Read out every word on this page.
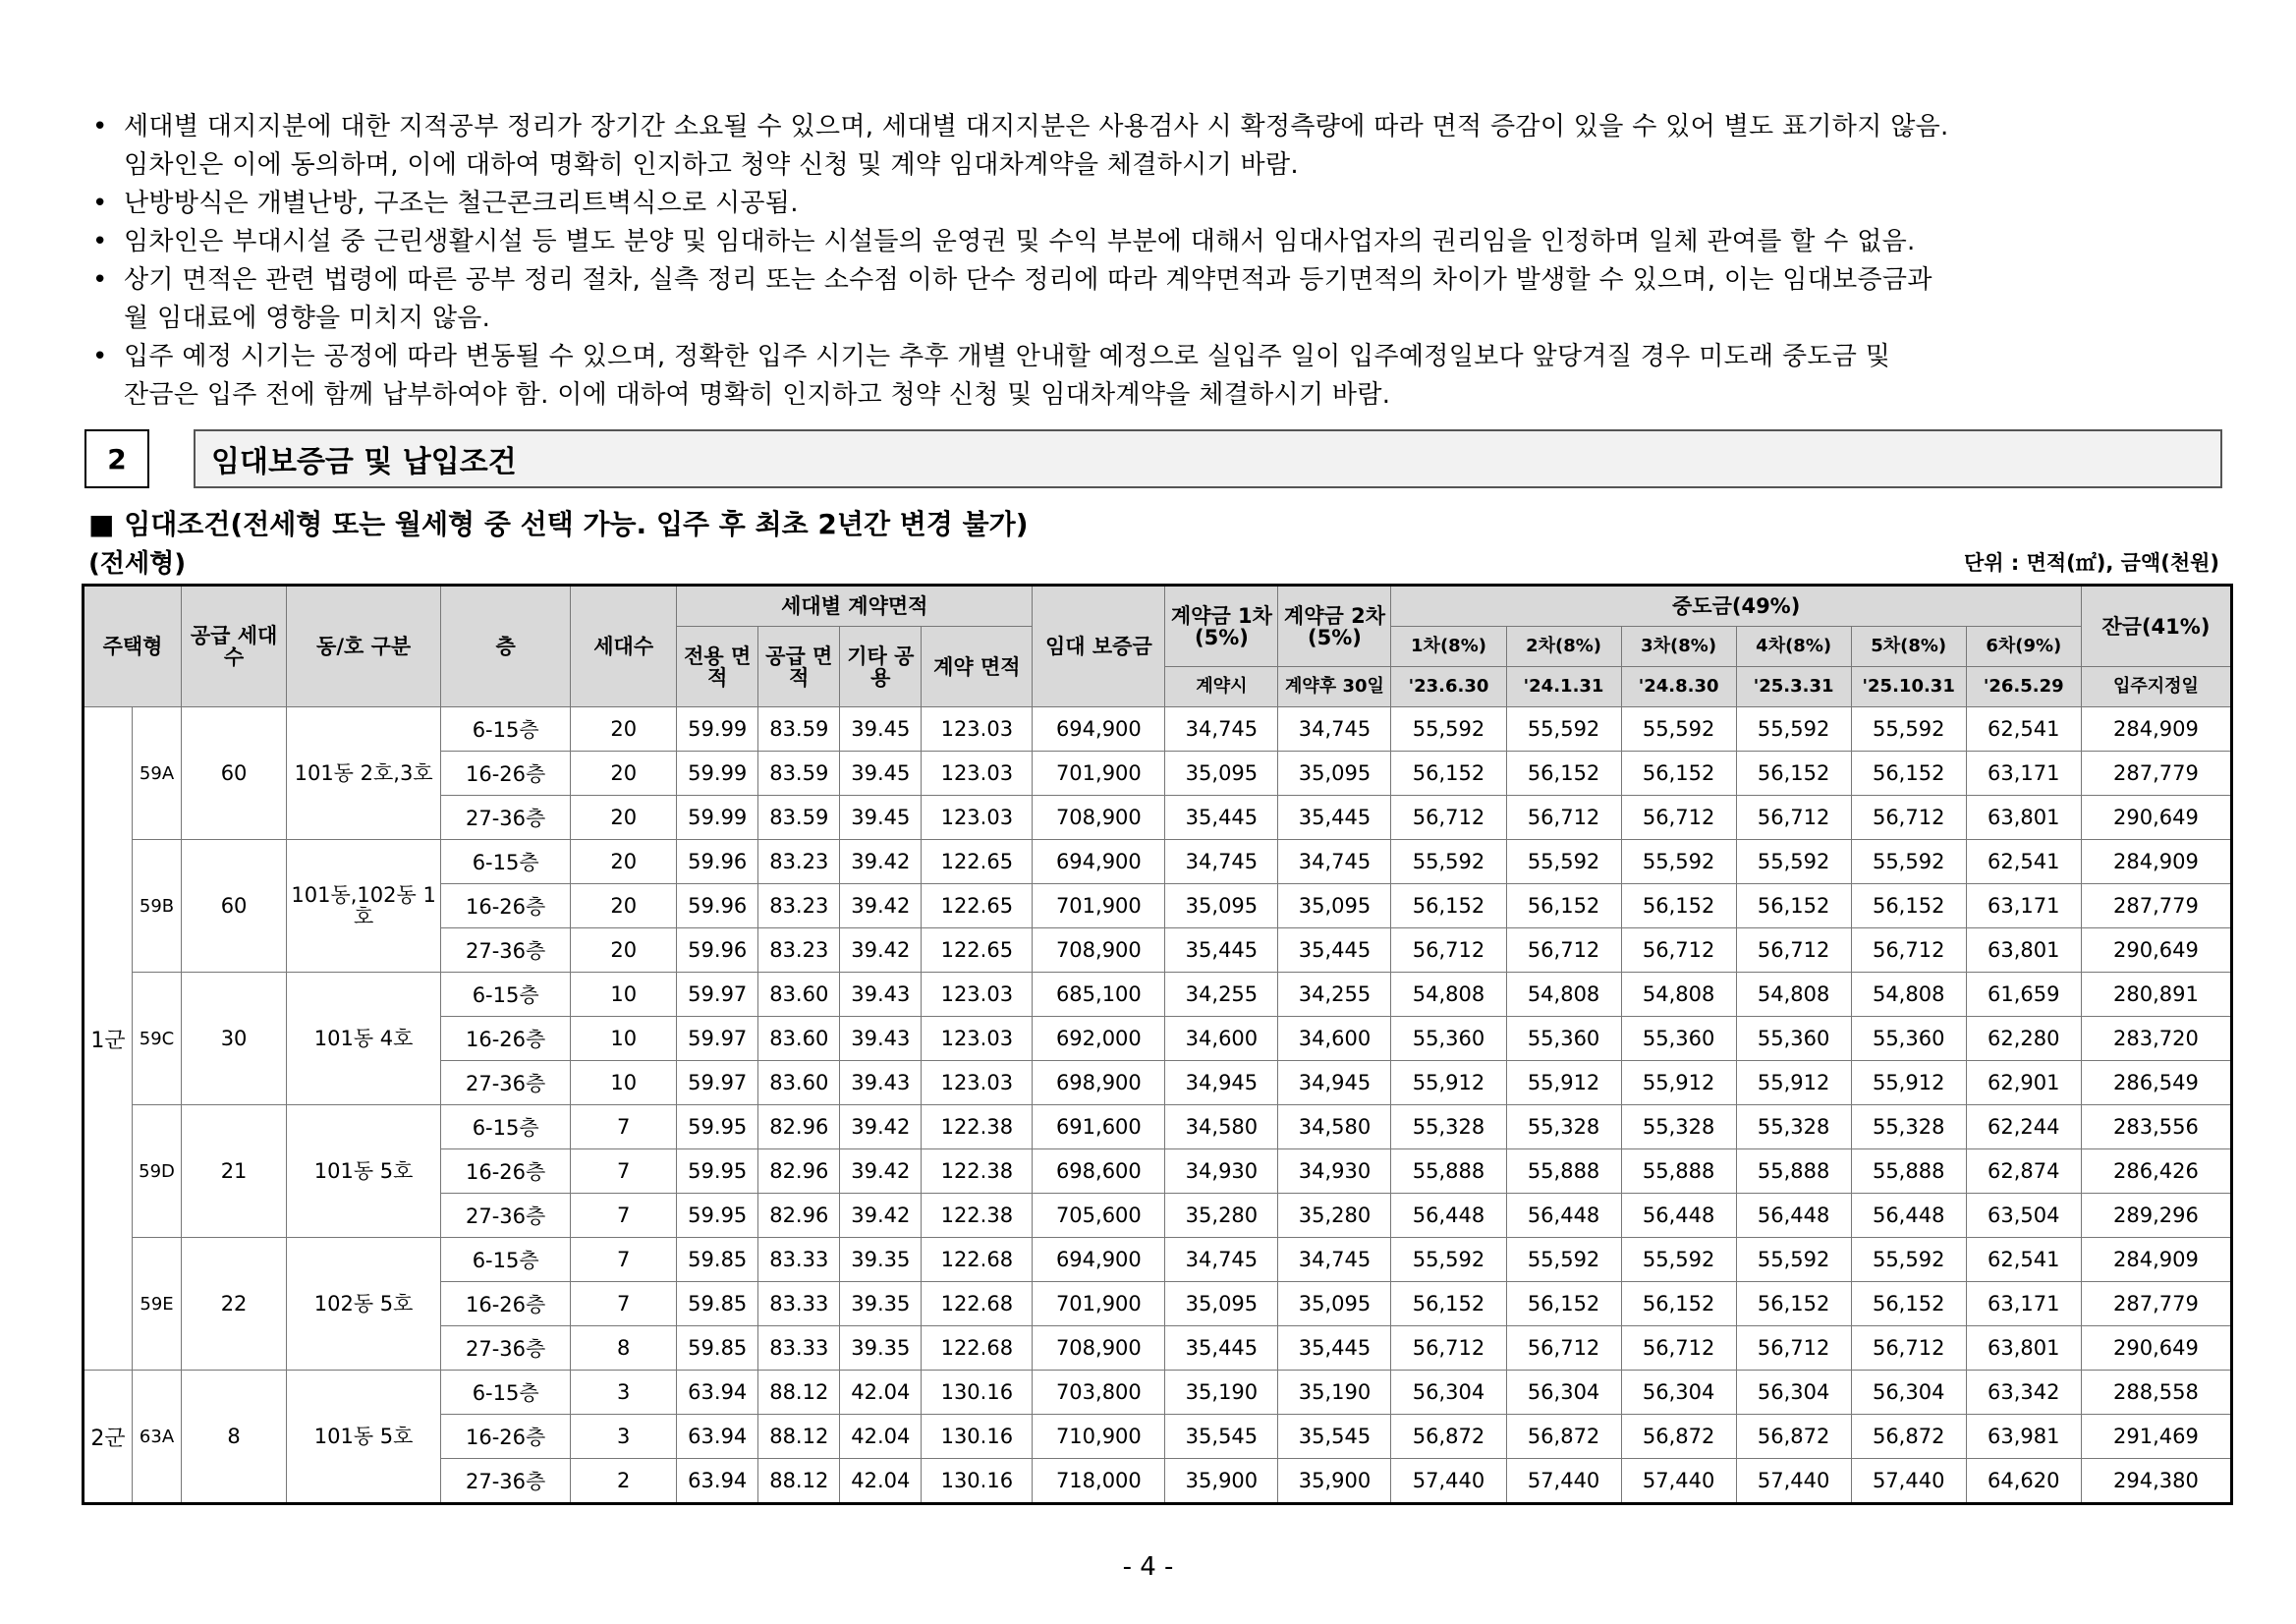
• 세대별 대지지분에 대한 지적공부 정리가 장기간 소요될 수 있으며, 세대별 대지지분은 사용검사 시 확정측량에 따라 면적 증감이 있을 수 있어 별도 표기하지 않음.
임차인은 이에 동의하며, 이에 대하여 명확히 인지하고 청약 신청 및 계약 임대차계약을 체결하시기 바람.
• 난방방식은 개별난방, 구조는 철근콘크리트벽식으로 시공됨.
• 임차인은 부대시설 중 근린생활시설 등 별도 분양 및 임대하는 시설들의 운영권 및 수익 부분에 대해서 임대사업자의 권리임을 인정하며 일체 관여를 할 수 없음.
• 상기 면적은 관련 법령에 따른 공부 정리 절차, 실측 정리 또는 소수점 이하 단수 정리에 따라 계약면적과 등기면적의 차이가 발생할 수 있으며, 이는 임대보증금과
월 임대료에 영향을 미치지 않음.
• 입주 예정 시기는 공정에 따라 변동될 수 있으며, 정확한 입주 시기는 추후 개별 안내할 예정으로 실입주 일이 입주예정일보다 앞당겨질 경우 미도래 중도금 및
잔금은 입주 전에 함께 납부하여야 함. 이에 대하여 명확히 인지하고 청약 신청 및 임대차계약을 체결하시기 바람.
2	임대보증금 및 납입조건
■ 임대조건(전세형 또는 월세형 중 선택 가능. 입주 후 최초 2년간 변경 불가)
(전세형)	단위 : 면적(㎡), 금액(천원)
주택형		공급 세대수	동/호 구분	층	세대수	세대별 계약면적				임대 보증금	계약금 1차(5%)	계약금 2차(5%)	중도금(49%)						잔금(41%)
						전용 면적	공급 면적	기타 공용	계약 면적				1차(8%)	2차(8%)	3차(8%)	4차(8%)	5차(8%)	6차(9%)	
											계약시	계약후 30일	'23.6.30	'24.1.31	'24.8.30	'25.3.31	'25.10.31	'26.5.29	입주지정일
1군	59A	60	101동 2호,3호	6-15층	20	59.99	83.59	39.45	123.03	694,900	34,745	34,745	55,592	55,592	55,592	55,592	55,592	62,541	284,909
				16-26층	20	59.99	83.59	39.45	123.03	701,900	35,095	35,095	56,152	56,152	56,152	56,152	56,152	63,171	287,779
				27-36층	20	59.99	83.59	39.45	123.03	708,900	35,445	35,445	56,712	56,712	56,712	56,712	56,712	63,801	290,649
	59B	60	101동,102동 1호	6-15층	20	59.96	83.23	39.42	122.65	694,900	34,745	34,745	55,592	55,592	55,592	55,592	55,592	62,541	284,909
				16-26층	20	59.96	83.23	39.42	122.65	701,900	35,095	35,095	56,152	56,152	56,152	56,152	56,152	63,171	287,779
				27-36층	20	59.96	83.23	39.42	122.65	708,900	35,445	35,445	56,712	56,712	56,712	56,712	56,712	63,801	290,649
	59C	30	101동 4호	6-15층	10	59.97	83.60	39.43	123.03	685,100	34,255	34,255	54,808	54,808	54,808	54,808	54,808	61,659	280,891
				16-26층	10	59.97	83.60	39.43	123.03	692,000	34,600	34,600	55,360	55,360	55,360	55,360	55,360	62,280	283,720
				27-36층	10	59.97	83.60	39.43	123.03	698,900	34,945	34,945	55,912	55,912	55,912	55,912	55,912	62,901	286,549
	59D	21	101동 5호	6-15층	7	59.95	82.96	39.42	122.38	691,600	34,580	34,580	55,328	55,328	55,328	55,328	55,328	62,244	283,556
				16-26층	7	59.95	82.96	39.42	122.38	698,600	34,930	34,930	55,888	55,888	55,888	55,888	55,888	62,874	286,426
				27-36층	7	59.95	82.96	39.42	122.38	705,600	35,280	35,280	56,448	56,448	56,448	56,448	56,448	63,504	289,296
	59E	22	102동 5호	6-15층	7	59.85	83.33	39.35	122.68	694,900	34,745	34,745	55,592	55,592	55,592	55,592	55,592	62,541	284,909
				16-26층	7	59.85	83.33	39.35	122.68	701,900	35,095	35,095	56,152	56,152	56,152	56,152	56,152	63,171	287,779
				27-36층	8	59.85	83.33	39.35	122.68	708,900	35,445	35,445	56,712	56,712	56,712	56,712	56,712	63,801	290,649
2군	63A	8	101동 5호	6-15층	3	63.94	88.12	42.04	130.16	703,800	35,190	35,190	56,304	56,304	56,304	56,304	56,304	63,342	288,558
				16-26층	3	63.94	88.12	42.04	130.16	710,900	35,545	35,545	56,872	56,872	56,872	56,872	56,872	63,981	291,469
				27-36층	2	63.94	88.12	42.04	130.16	718,000	35,900	35,900	57,440	57,440	57,440	57,440	57,440	64,620	294,380
- 4 -
